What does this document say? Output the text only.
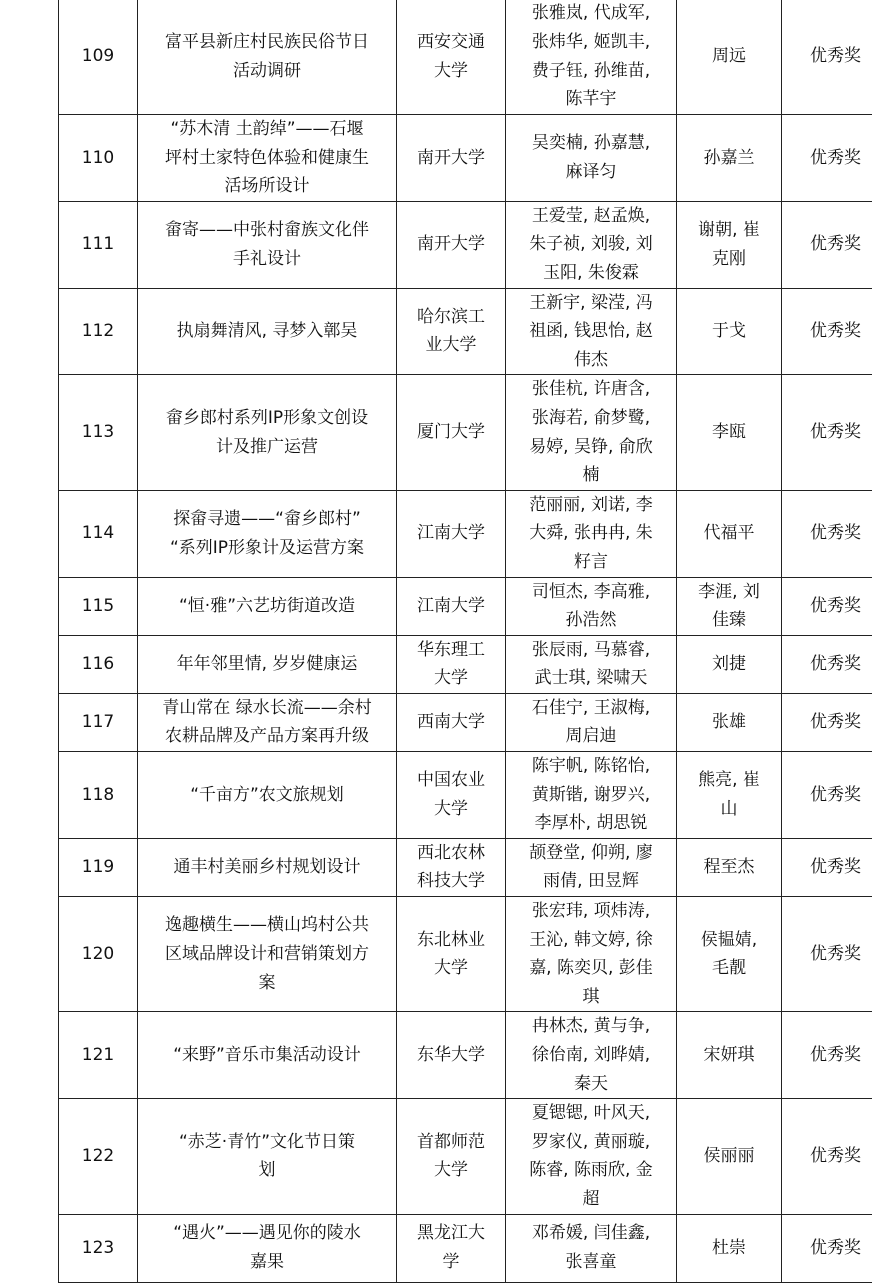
109	富平县新庄村民族民俗节日
活动调研	西安交通
大学	张雅岚, 代成军,
张炜华, 姬凯丰,
费子钰, 孙维苗,
陈芊宇	周远	优秀奖
110	“苏木清 土韵绰”——石堰
坪村土家特色体验和健康生
活场所设计	南开大学	吴奕楠, 孙嘉慧,
麻译匀	孙嘉兰	优秀奖
111	畲寄——中张村畲族文化伴
手礼设计	南开大学	王爱莹, 赵孟焕,
朱子祯, 刘骏, 刘
玉阳, 朱俊霖	谢朝, 崔
克刚	优秀奖
112	执扇舞清风, 寻梦入鄣吴	哈尔滨工
业大学	王新宇, 梁滢, 冯
祖函, 钱思怡, 赵
伟杰	于戈	优秀奖
113	畲乡郎村系列IP形象文创设
计及推广运营	厦门大学	张佳杭, 许唐含,
张海若, 俞梦鹭,
易婷, 吴铮, 俞欣
楠	李瓯	优秀奖
114	探畲寻遗——“畲乡郎村”
“系列IP形象计及运营方案	江南大学	范丽丽, 刘诺, 李
大舜, 张冉冉, 朱
籽言	代福平	优秀奖
115	“恒·雅”六艺坊街道改造	江南大学	司恒杰, 李高雅,
孙浩然	李涯, 刘
佳臻	优秀奖
116	年年邻里情, 岁岁健康运	华东理工
大学	张辰雨, 马慕睿,
武士琪, 梁啸天	刘捷	优秀奖
117	青山常在 绿水长流——余村
农耕品牌及产品方案再升级	西南大学	石佳宁, 王淑梅,
周启迪	张雄	优秀奖
118	“千亩方”农文旅规划	中国农业
大学	陈宇帆, 陈铭怡,
黄斯锴, 谢罗兴,
李厚朴, 胡思锐	熊亮, 崔
山	优秀奖
119	通丰村美丽乡村规划设计	西北农林
科技大学	颉登堂, 仰朔, 廖
雨倩, 田昱辉	程至杰	优秀奖
120	逸趣横生——横山坞村公共
区域品牌设计和营销策划方
案	东北林业
大学	张宏玮, 项炜涛,
王沁, 韩文婷, 徐
嘉, 陈奕贝, 彭佳
琪	侯韫婧,
毛靓	优秀奖
121	“来野”音乐市集活动设计	东华大学	冉林杰, 黄与争,
徐佁南, 刘晔婧,
秦天	宋妍琪	优秀奖
122	“赤芝·青竹”文化节日策
划	首都师范
大学	夏锶锶, 叶风天,
罗家仪, 黄丽璇,
陈睿, 陈雨欣, 金
超	侯丽丽	优秀奖
123	“遇火”——遇见你的陵水
嘉果	黑龙江大
学	邓希媛, 闫佳鑫,
张喜童	杜崇	优秀奖
